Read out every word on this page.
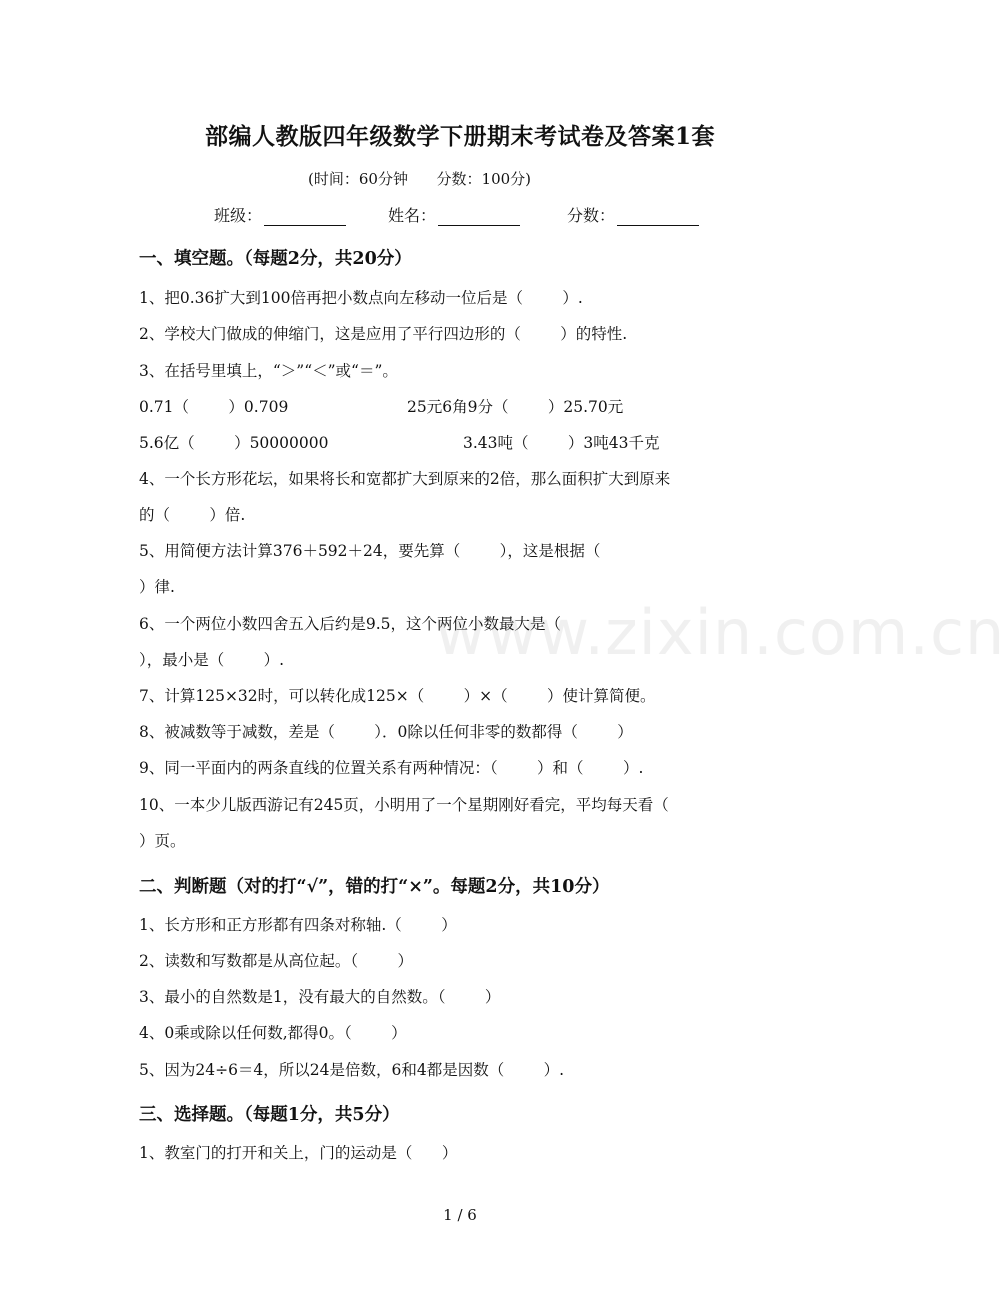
www.zixin.com.cn
部编人教版四年级数学下册期末考试卷及答案1套
(时间：60分钟      分数：100分)
班级：	姓名：	分数：
一、填空题。（每题2分，共20分）
1、把0.36扩大到100倍再把小数点向左移动一位后是（        ）.
2、学校大门做成的伸缩门，这是应用了平行四边形的（        ）的特性.
3、在括号里填上，“＞”“＜”或“＝”。
0.71（        ）0.709	25元6角9分（        ）25.70元
5.6亿（        ）50000000	3.43吨（        ）3吨43千克
4、一个长方形花坛，如果将长和宽都扩大到原来的2倍，那么面积扩大到原来
的（        ）倍.
5、用简便方法计算376＋592＋24，要先算（        ），这是根据（
）律.
6、一个两位小数四舍五入后约是9.5，这个两位小数最大是（
），最小是（        ）.
7、计算125×32时，可以转化成125×（        ）×（        ）使计算简便。
8、被减数等于减数，差是（        ）．0除以任何非零的数都得（        ）
9、同一平面内的两条直线的位置关系有两种情况：（        ）和（        ）.
10、一本少儿版西游记有245页，小明用了一个星期刚好看完，平均每天看（
）页。
二、判断题（对的打“√”，错的打“×”。每题2分，共10分）
1、长方形和正方形都有四条对称轴.（        ）
2、读数和写数都是从高位起。（        ）
3、最小的自然数是1，没有最大的自然数。（        ）
4、0乘或除以任何数,都得0。（        ）
5、因为24÷6＝4，所以24是倍数，6和4都是因数（        ）.
三、选择题。（每题1分，共5分）
1、教室门的打开和关上，门的运动是（      ）
1 / 6
